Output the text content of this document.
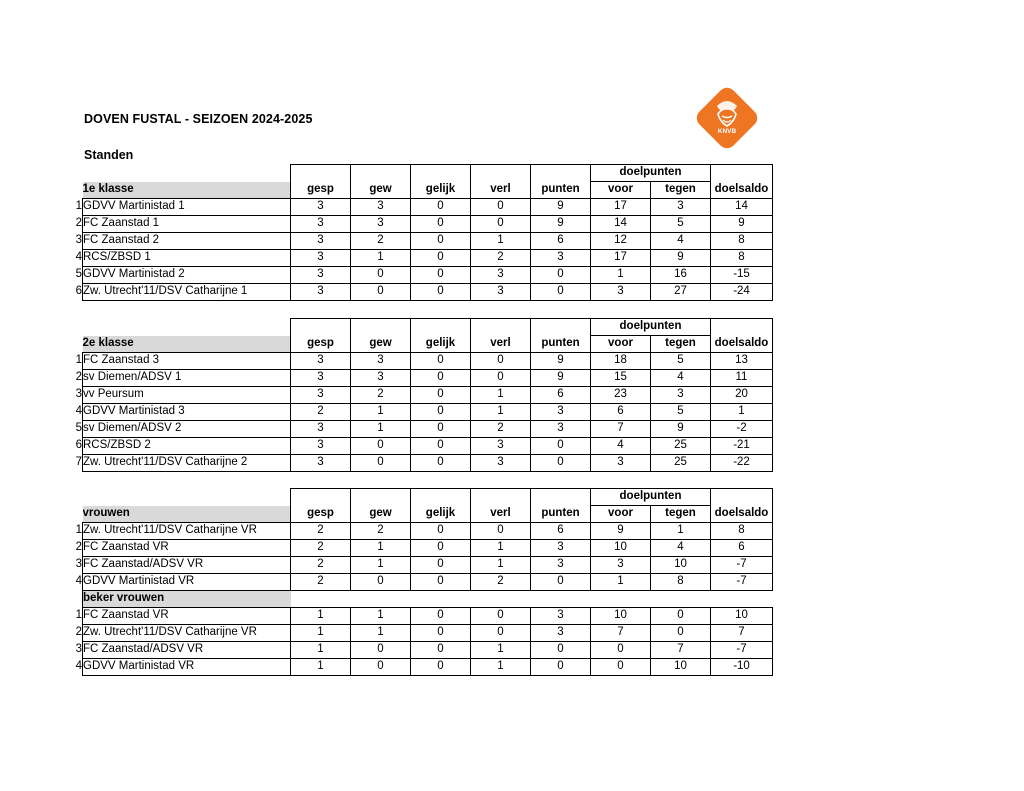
DOVEN FUSTAL - SEIZOEN 2024-2025
Standen
KNVB
							doelpunten		
	1e klasse	gesp	gew	gelijk	verl	punten	voor	tegen	doelsaldo
1	GDVV Martinistad 1	3	3	0	0	9	17	3	14
2	FC Zaanstad 1	3	3	0	0	9	14	5	9
3	FC Zaanstad 2	3	2	0	1	6	12	4	8
4	RCS/ZBSD 1	3	1	0	2	3	17	9	8
5	GDVV Martinistad 2	3	0	0	3	0	1	16	-15
6	Zw. Utrecht'11/DSV Catharijne 1	3	0	0	3	0	3	27	-24
							doelpunten		
	2e klasse	gesp	gew	gelijk	verl	punten	voor	tegen	doelsaldo
1	FC Zaanstad 3	3	3	0	0	9	18	5	13
2	sv Diemen/ADSV 1	3	3	0	0	9	15	4	11
3	vv Peursum	3	2	0	1	6	23	3	20
4	GDVV Martinistad 3	2	1	0	1	3	6	5	1
5	sv Diemen/ADSV 2	3	1	0	2	3	7	9	-2
6	RCS/ZBSD 2	3	0	0	3	0	4	25	-21
7	Zw. Utrecht'11/DSV Catharijne 2	3	0	0	3	0	3	25	-22
							doelpunten		
	vrouwen	gesp	gew	gelijk	verl	punten	voor	tegen	doelsaldo
1	Zw. Utrecht'11/DSV Catharijne VR	2	2	0	0	6	9	1	8
2	FC Zaanstad VR	2	1	0	1	3	10	4	6
3	FC Zaanstad/ADSV VR	2	1	0	1	3	3	10	-7
4	GDVV Martinistad VR	2	0	0	2	0	1	8	-7
	beker vrouwen								
1	FC Zaanstad VR	1	1	0	0	3	10	0	10
2	Zw. Utrecht'11/DSV Catharijne VR	1	1	0	0	3	7	0	7
3	FC Zaanstad/ADSV VR	1	0	0	1	0	0	7	-7
4	GDVV Martinistad VR	1	0	0	1	0	0	10	-10
